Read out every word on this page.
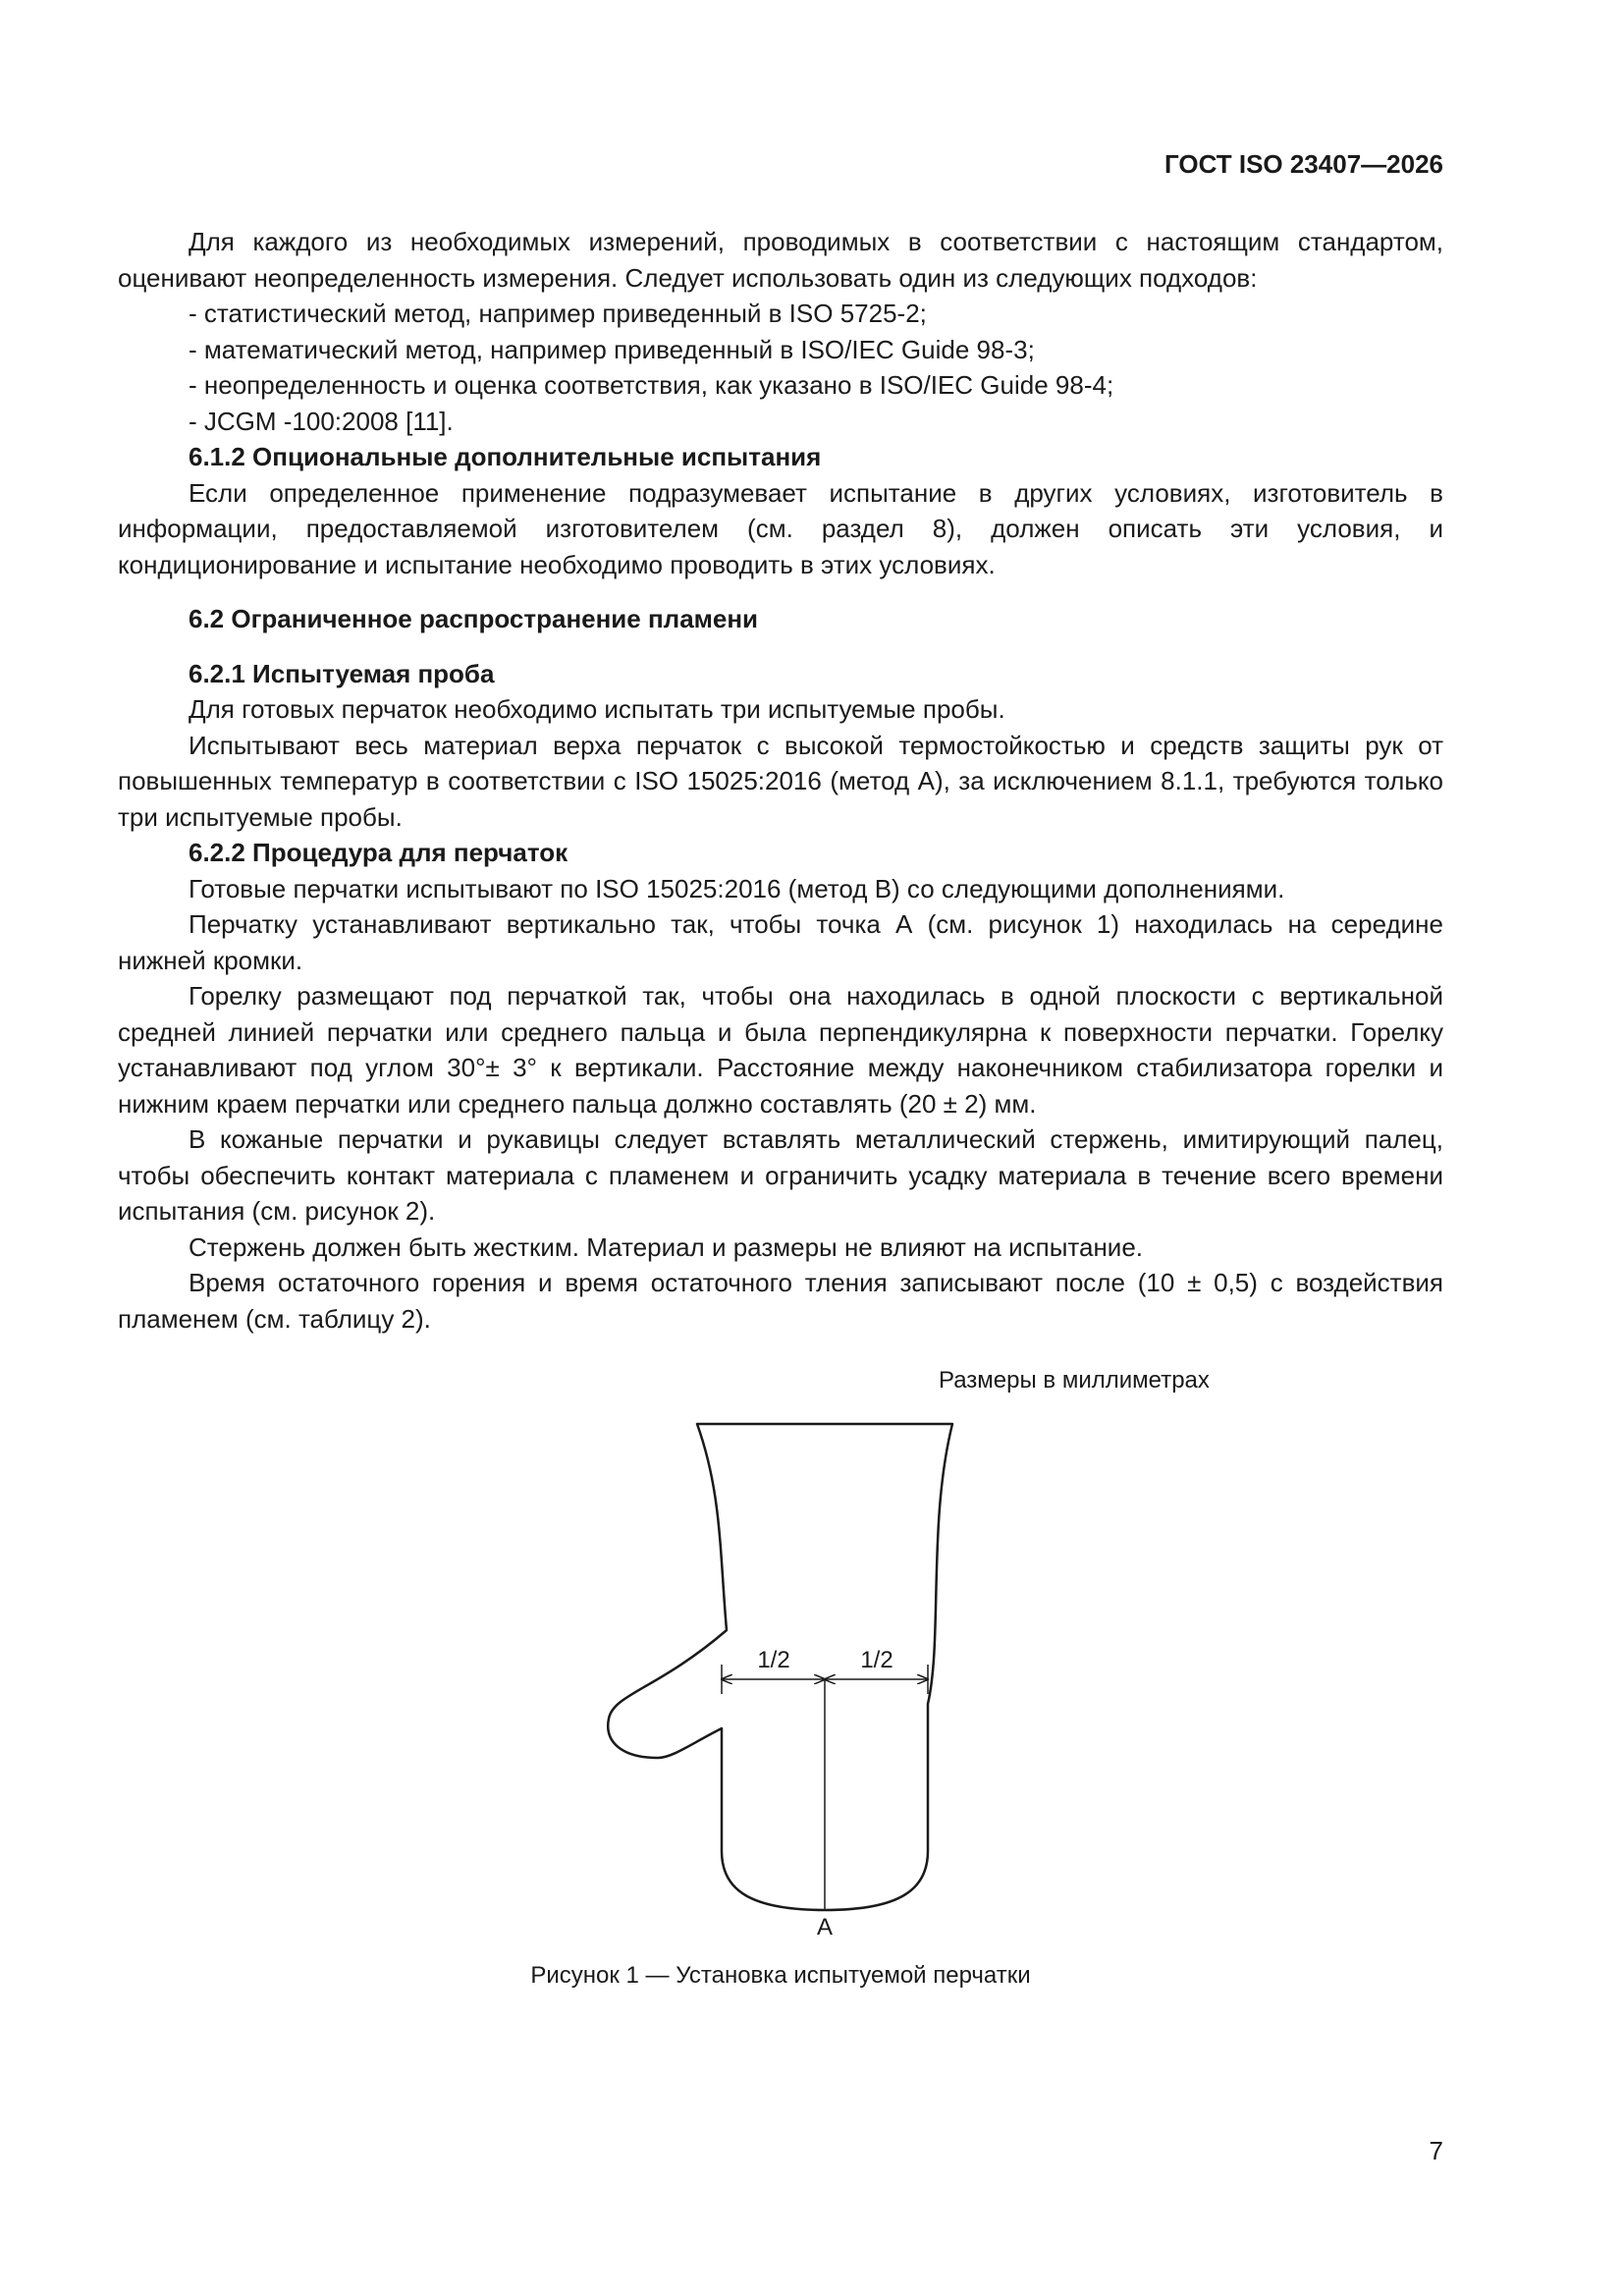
ГОСТ ISO 23407—2026

Для каждого из необходимых измерений, проводимых в соответствии с настоящим стандартом, оценивают неопределенность измерения. Следует использовать один из следующих подходов:

- статистический метод, например приведенный в ISO 5725-2;

- математический метод, например приведенный в ISO/IEC Guide 98-3;

- неопределенность и оценка соответствия, как указано в ISO/IEC Guide 98-4;

- JCGM -100:2008 [11].

6.1.2 Опциональные дополнительные испытания

Если определенное применение подразумевает испытание в других условиях, изготовитель в информации, предоставляемой изготовителем (см. раздел 8), должен описать эти условия, и кондиционирование и испытание необходимо проводить в этих условиях.

6.2 Ограниченное распространение пламени

6.2.1 Испытуемая проба

Для готовых перчаток необходимо испытать три испытуемые пробы.

Испытывают весь материал верха перчаток с высокой термостойкостью и средств защиты рук от повышенных температур в соответствии с ISO 15025:2016 (метод А), за исключением 8.1.1, требуются только три испытуемые пробы.

6.2.2 Процедура для перчаток

Готовые перчатки испытывают по ISO 15025:2016 (метод В) со следующими дополнениями.

Перчатку устанавливают вертикально так, чтобы точка А (см. рисунок 1) находилась на середине нижней кромки.

Горелку размещают под перчаткой так, чтобы она находилась в одной плоскости с вертикальной средней линией перчатки или среднего пальца и была перпендикулярна к поверхности перчатки. Горелку устанавливают под углом 30°± 3° к вертикали. Расстояние между наконечником стабилизатора горелки и нижним краем перчатки или среднего пальца должно составлять (20 ± 2) мм.

В кожаные перчатки и рукавицы следует вставлять металлический стержень, имитирующий палец, чтобы обеспечить контакт материала с пламенем и ограничить усадку материала в течение всего времени испытания (см. рисунок 2).

Стержень должен быть жестким. Материал и размеры не влияют на испытание.

Время остаточного горения и время остаточного тления записывают после (10 ± 0,5) с воздействия пламенем (см. таблицу 2).

Размеры в миллиметрах
1/2	1/2
A
Рисунок 1 — Установка испытуемой перчатки
7
